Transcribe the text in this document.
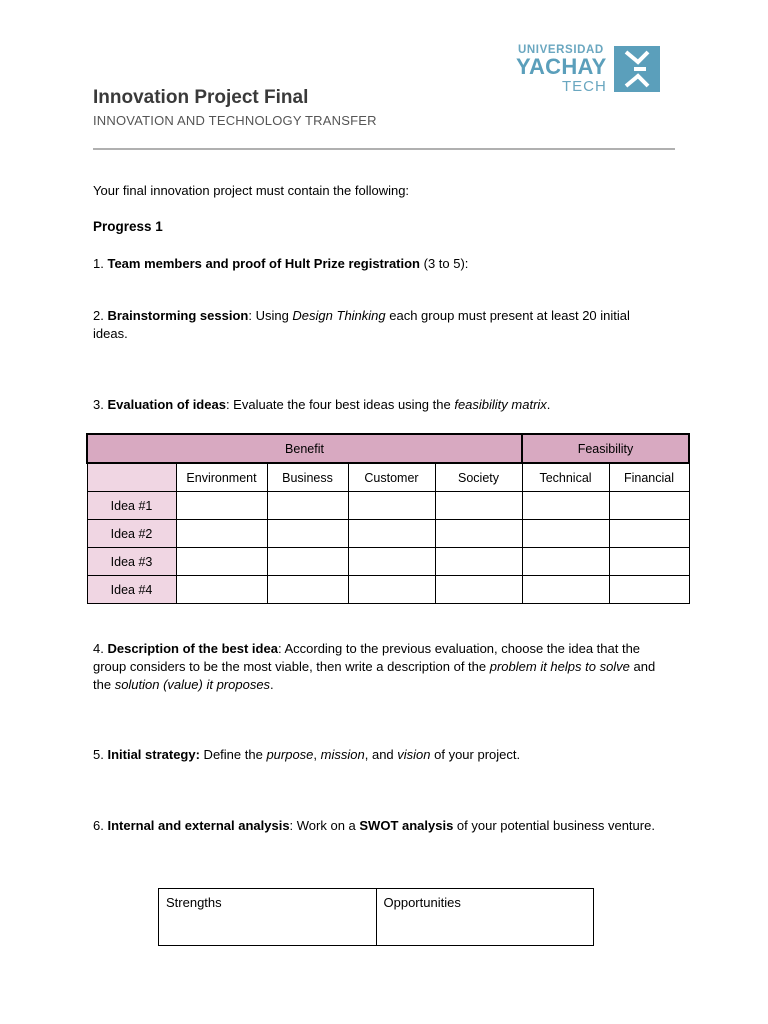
UNIVERSIDAD
YACHAY
TECH
Innovation Project Final
INNOVATION AND TECHNOLOGY TRANSFER
Your final innovation project must contain the following:
Progress 1
1. Team members and proof of Hult Prize registration (3 to 5):
2. Brainstorming session: Using Design Thinking each group must present at least 20 initial ideas.
3. Evaluation of ideas: Evaluate the four best ideas using the feasibility matrix.
Benefit					Feasibility	
	Environment	Business	Customer	Society	Technical	Financial
Idea #1						
Idea #2						
Idea #3						
Idea #4						
4. Description of the best idea: According to the previous evaluation, choose the idea that the group considers to be the most viable, then write a description of the problem it helps to solve and the solution (value) it proposes.
5. Initial strategy: Define the purpose, mission, and vision of your project.
6. Internal and external analysis: Work on a SWOT analysis of your potential business venture.
Strengths	Opportunities
